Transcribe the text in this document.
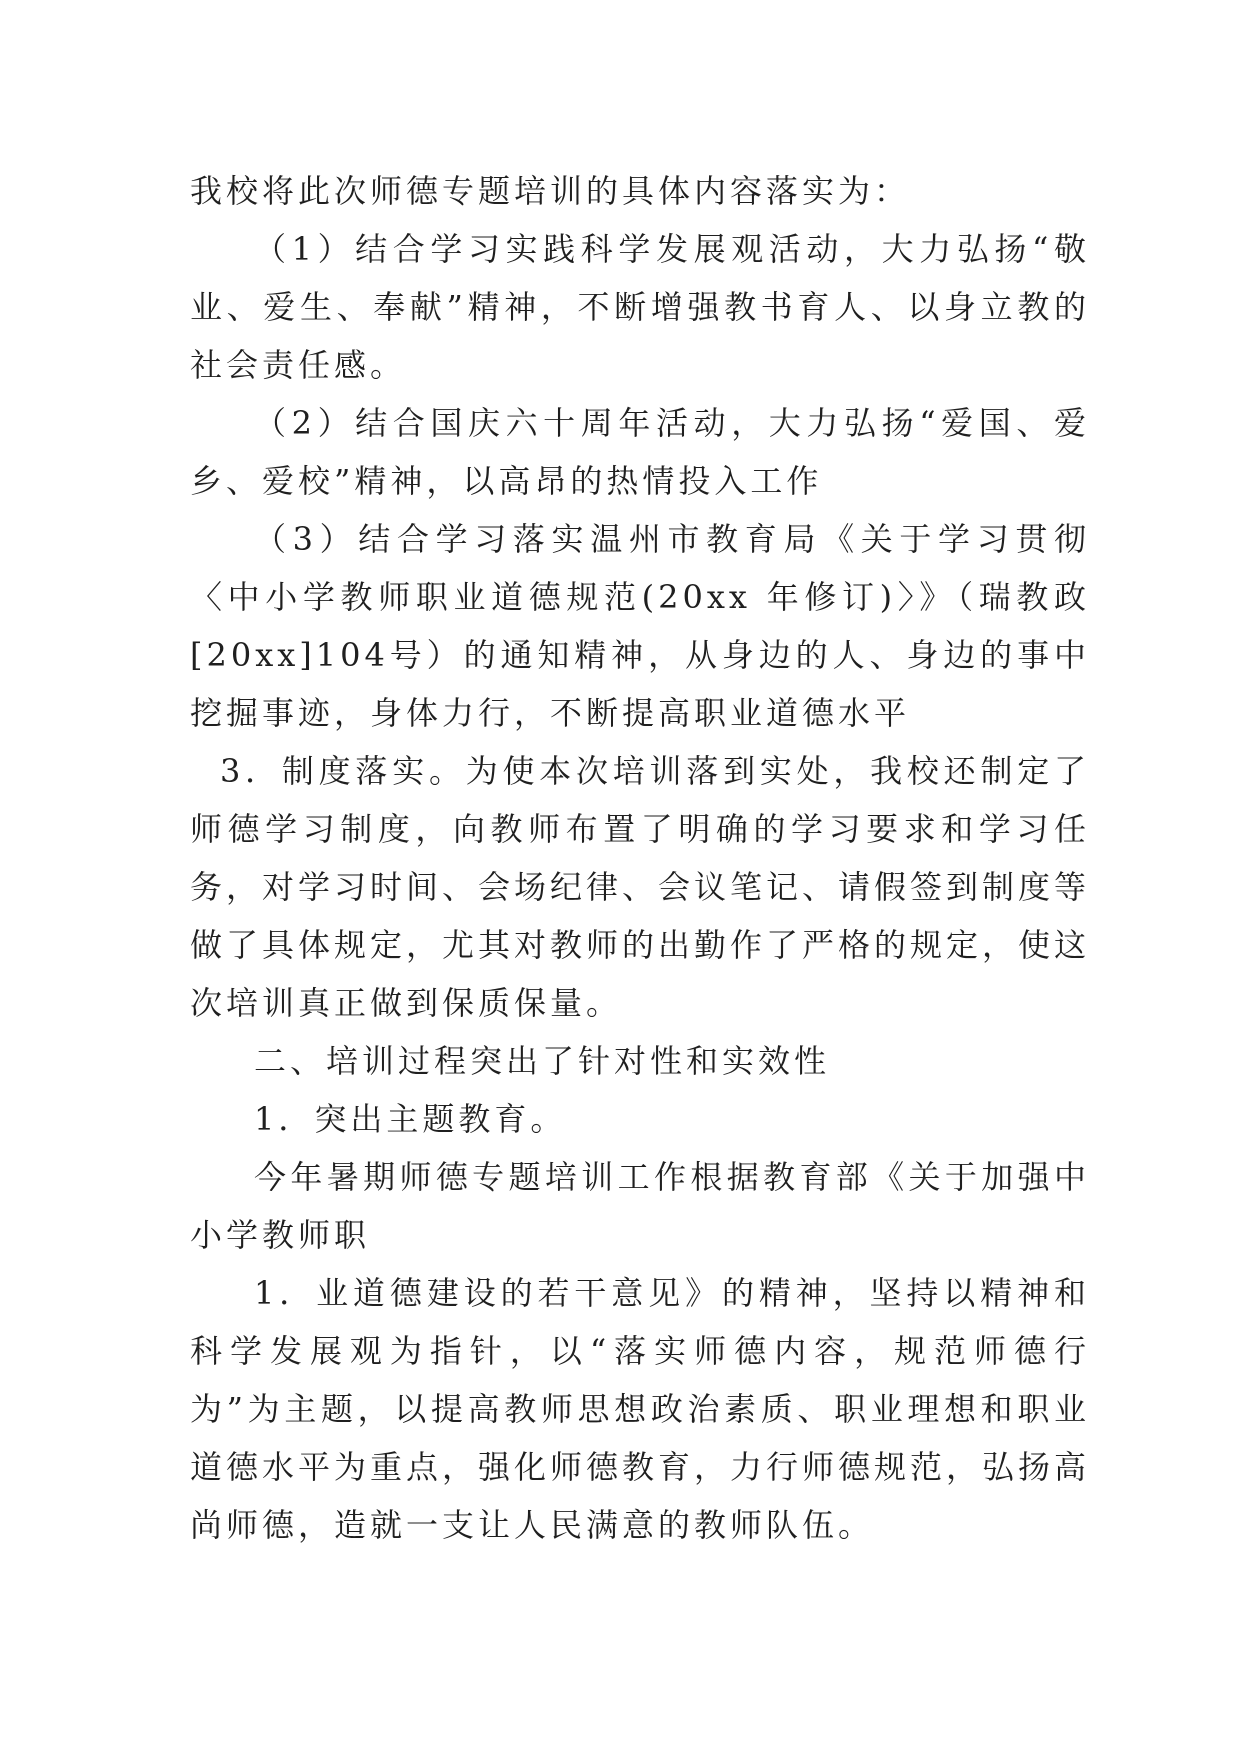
我校将此次师德专题培训的具体内容落实为：

（1）结合学习实践科学发展观活动，大力弘扬“敬业、爱生、奉献”精神，不断增强教书育人、以身立教的社会责任感。

（2）结合国庆六十周年活动，大力弘扬“爱国、爱乡、爱校”精神，以高昂的热情投入工作

（3）结合学习落实温州市教育局《关于学习贯彻〈中小学教师职业道德规范(20xx 年修订)〉》（瑞教政[20xx]104号）的通知精神，从身边的人、身边的事中挖掘事迹，身体力行，不断提高职业道德水平

3．制度落实。为使本次培训落到实处，我校还制定了师德学习制度，向教师布置了明确的学习要求和学习任务，对学习时间、会场纪律、会议笔记、请假签到制度等做了具体规定，尤其对教师的出勤作了严格的规定，使这次培训真正做到保质保量。

二、培训过程突出了针对性和实效性

1．突出主题教育。

今年暑期师德专题培训工作根据教育部《关于加强中小学教师职

1．业道德建设的若干意见》的精神，坚持以精神和科学发展观为指针，以“落实师德内容，规范师德行为”为主题，以提高教师思想政治素质、职业理想和职业道德水平为重点，强化师德教育，力行师德规范，弘扬高尚师德，造就一支让人民满意的教师队伍。
